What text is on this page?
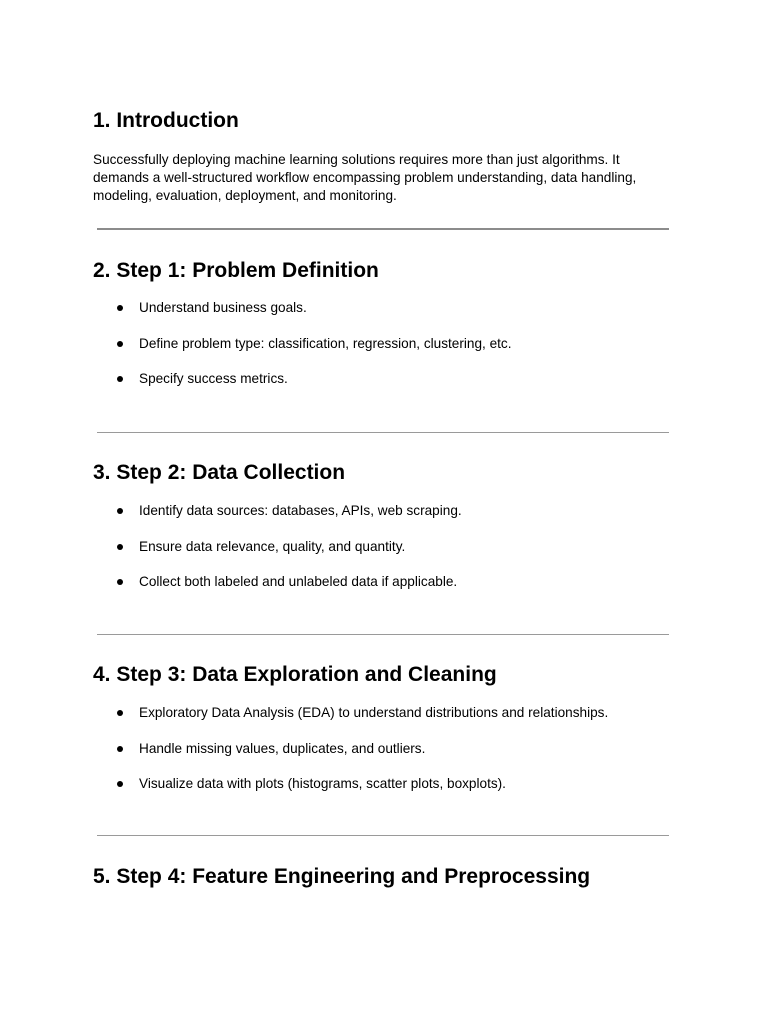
1. Introduction

Successfully deploying machine learning solutions requires more than just algorithms. It demands a well-structured workflow encompassing problem understanding, data handling, modeling, evaluation, deployment, and monitoring.

2. Step 1: Problem Definition
Understand business goals.
Define problem type: classification, regression, clustering, etc.
Specify success metrics.
3. Step 2: Data Collection
Identify data sources: databases, APIs, web scraping.
Ensure data relevance, quality, and quantity.
Collect both labeled and unlabeled data if applicable.
4. Step 3: Data Exploration and Cleaning
Exploratory Data Analysis (EDA) to understand distributions and relationships.
Handle missing values, duplicates, and outliers.
Visualize data with plots (histograms, scatter plots, boxplots).
5. Step 4: Feature Engineering and Preprocessing
